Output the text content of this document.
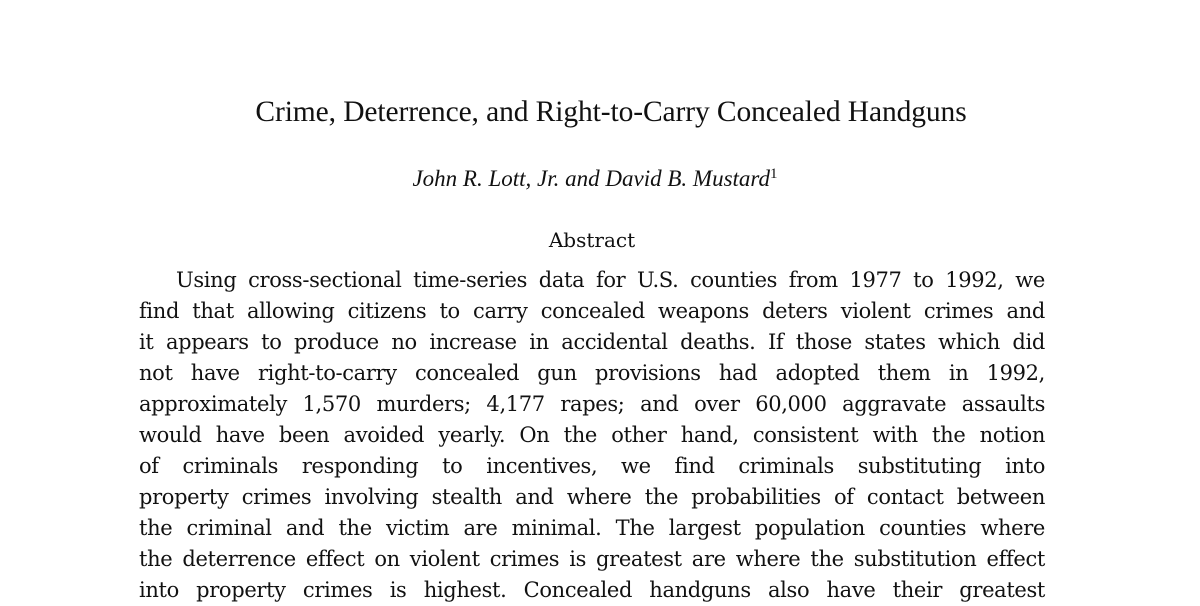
Crime, Deterrence, and Right-to-Carry Concealed Handguns

John R. Lott, Jr. and David B. Mustard$^1$

Abstract
Using cross-sectional time-series data for U.S. counties from 1977 to 1992, we
find that allowing citizens to carry concealed weapons deters violent crimes and
it appears to produce no increase in accidental deaths. If those states which did
not have right-to-carry concealed gun provisions had adopted them in 1992,
approximately 1,570 murders; 4,177 rapes; and over 60,000 aggravate assaults
would have been avoided yearly. On the other hand, consistent with the notion
of criminals responding to incentives, we find criminals substituting into
property crimes involving stealth and where the probabilities of contact between
the criminal and the victim are minimal. The largest population counties where
the deterrence effect on violent crimes is greatest are where the substitution effect
into property crimes is highest. Concealed handguns also have their greatest
